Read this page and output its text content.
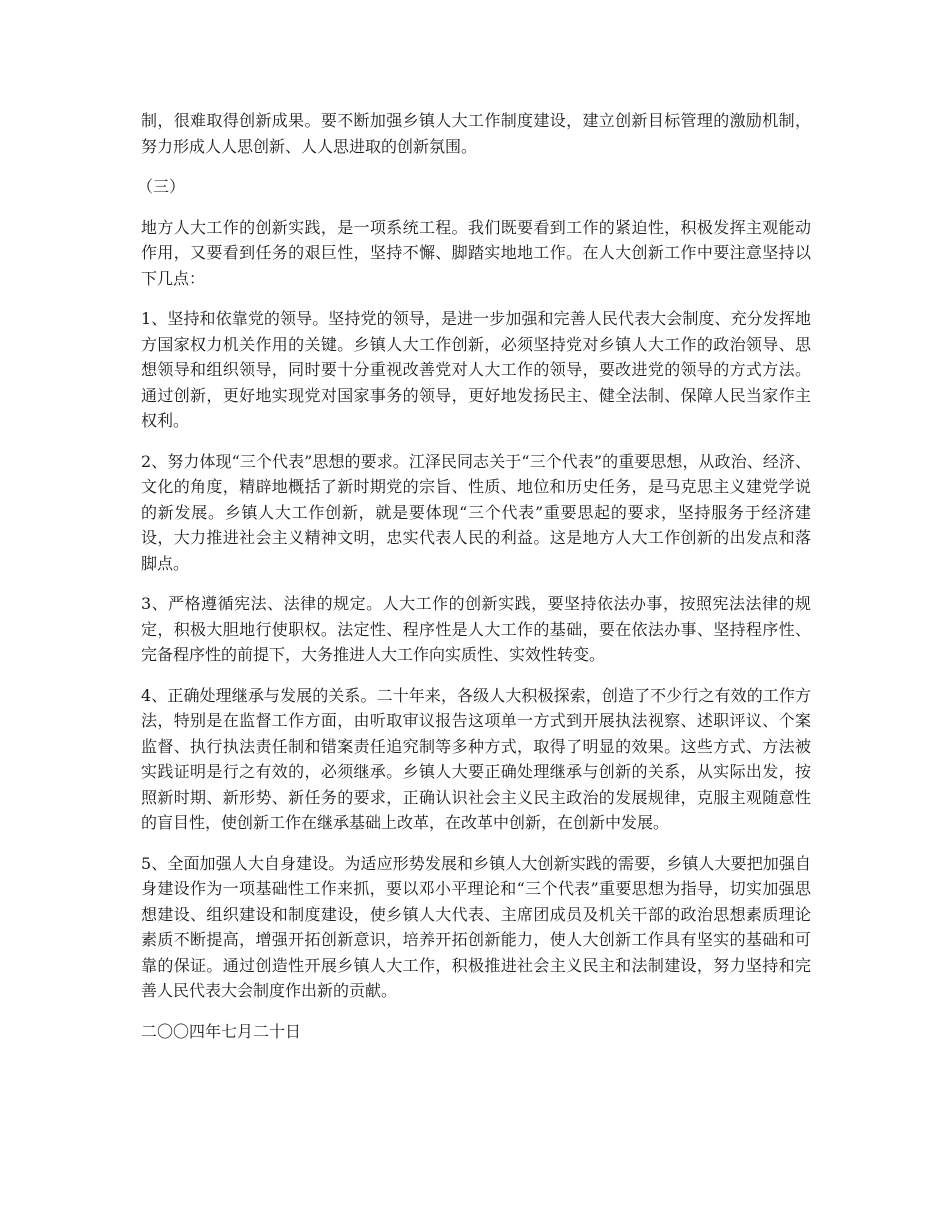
制，很难取得创新成果。要不断加强乡镇人大工作制度建设，建立创新目标管理的激励机制，努力形成人人思创新、人人思进取的创新氛围。

（三）

地方人大工作的创新实践，是一项系统工程。我们既要看到工作的紧迫性，积极发挥主观能动作用，又要看到任务的艰巨性，坚持不懈、脚踏实地地工作。在人大创新工作中要注意坚持以下几点：

1、坚持和依靠党的领导。坚持党的领导，是进一步加强和完善人民代表大会制度、充分发挥地方国家权力机关作用的关键。乡镇人大工作创新，必须坚持党对乡镇人大工作的政治领导、思想领导和组织领导，同时要十分重视改善党对人大工作的领导，要改进党的领导的方式方法。通过创新，更好地实现党对国家事务的领导，更好地发扬民主、健全法制、保障人民当家作主权利。

2、努力体现“三个代表”思想的要求。江泽民同志关于“三个代表”的重要思想，从政治、经济、文化的角度，精辟地概括了新时期党的宗旨、性质、地位和历史任务，是马克思主义建党学说的新发展。乡镇人大工作创新，就是要体现“三个代表”重要思起的要求，坚持服务于经济建设，大力推进社会主义精神文明，忠实代表人民的利益。这是地方人大工作创新的出发点和落脚点。

3、严格遵循宪法、法律的规定。人大工作的创新实践，要坚持依法办事，按照宪法法律的规定，积极大胆地行使职权。法定性、程序性是人大工作的基础，要在依法办事、坚持程序性、完备程序性的前提下，大务推进人大工作向实质性、实效性转变。

4、正确处理继承与发展的关系。二十年来，各级人大积极探索，创造了不少行之有效的工作方法，特别是在监督工作方面，由听取审议报告这项单一方式到开展执法视察、述职评议、个案监督、执行执法责任制和错案责任追究制等多种方式，取得了明显的效果。这些方式、方法被实践证明是行之有效的，必须继承。乡镇人大要正确处理继承与创新的关系，从实际出发，按照新时期、新形势、新任务的要求，正确认识社会主义民主政治的发展规律，克服主观随意性的盲目性，使创新工作在继承基础上改革，在改革中创新，在创新中发展。

5、全面加强人大自身建设。为适应形势发展和乡镇人大创新实践的需要，乡镇人大要把加强自身建设作为一项基础性工作来抓，要以邓小平理论和“三个代表”重要思想为指导，切实加强思想建设、组织建设和制度建设，使乡镇人大代表、主席团成员及机关干部的政治思想素质理论素质不断提高，增强开拓创新意识，培养开拓创新能力，使人大创新工作具有坚实的基础和可靠的保证。通过创造性开展乡镇人大工作，积极推进社会主义民主和法制建设，努力坚持和完善人民代表大会制度作出新的贡献。

二〇〇四年七月二十日
